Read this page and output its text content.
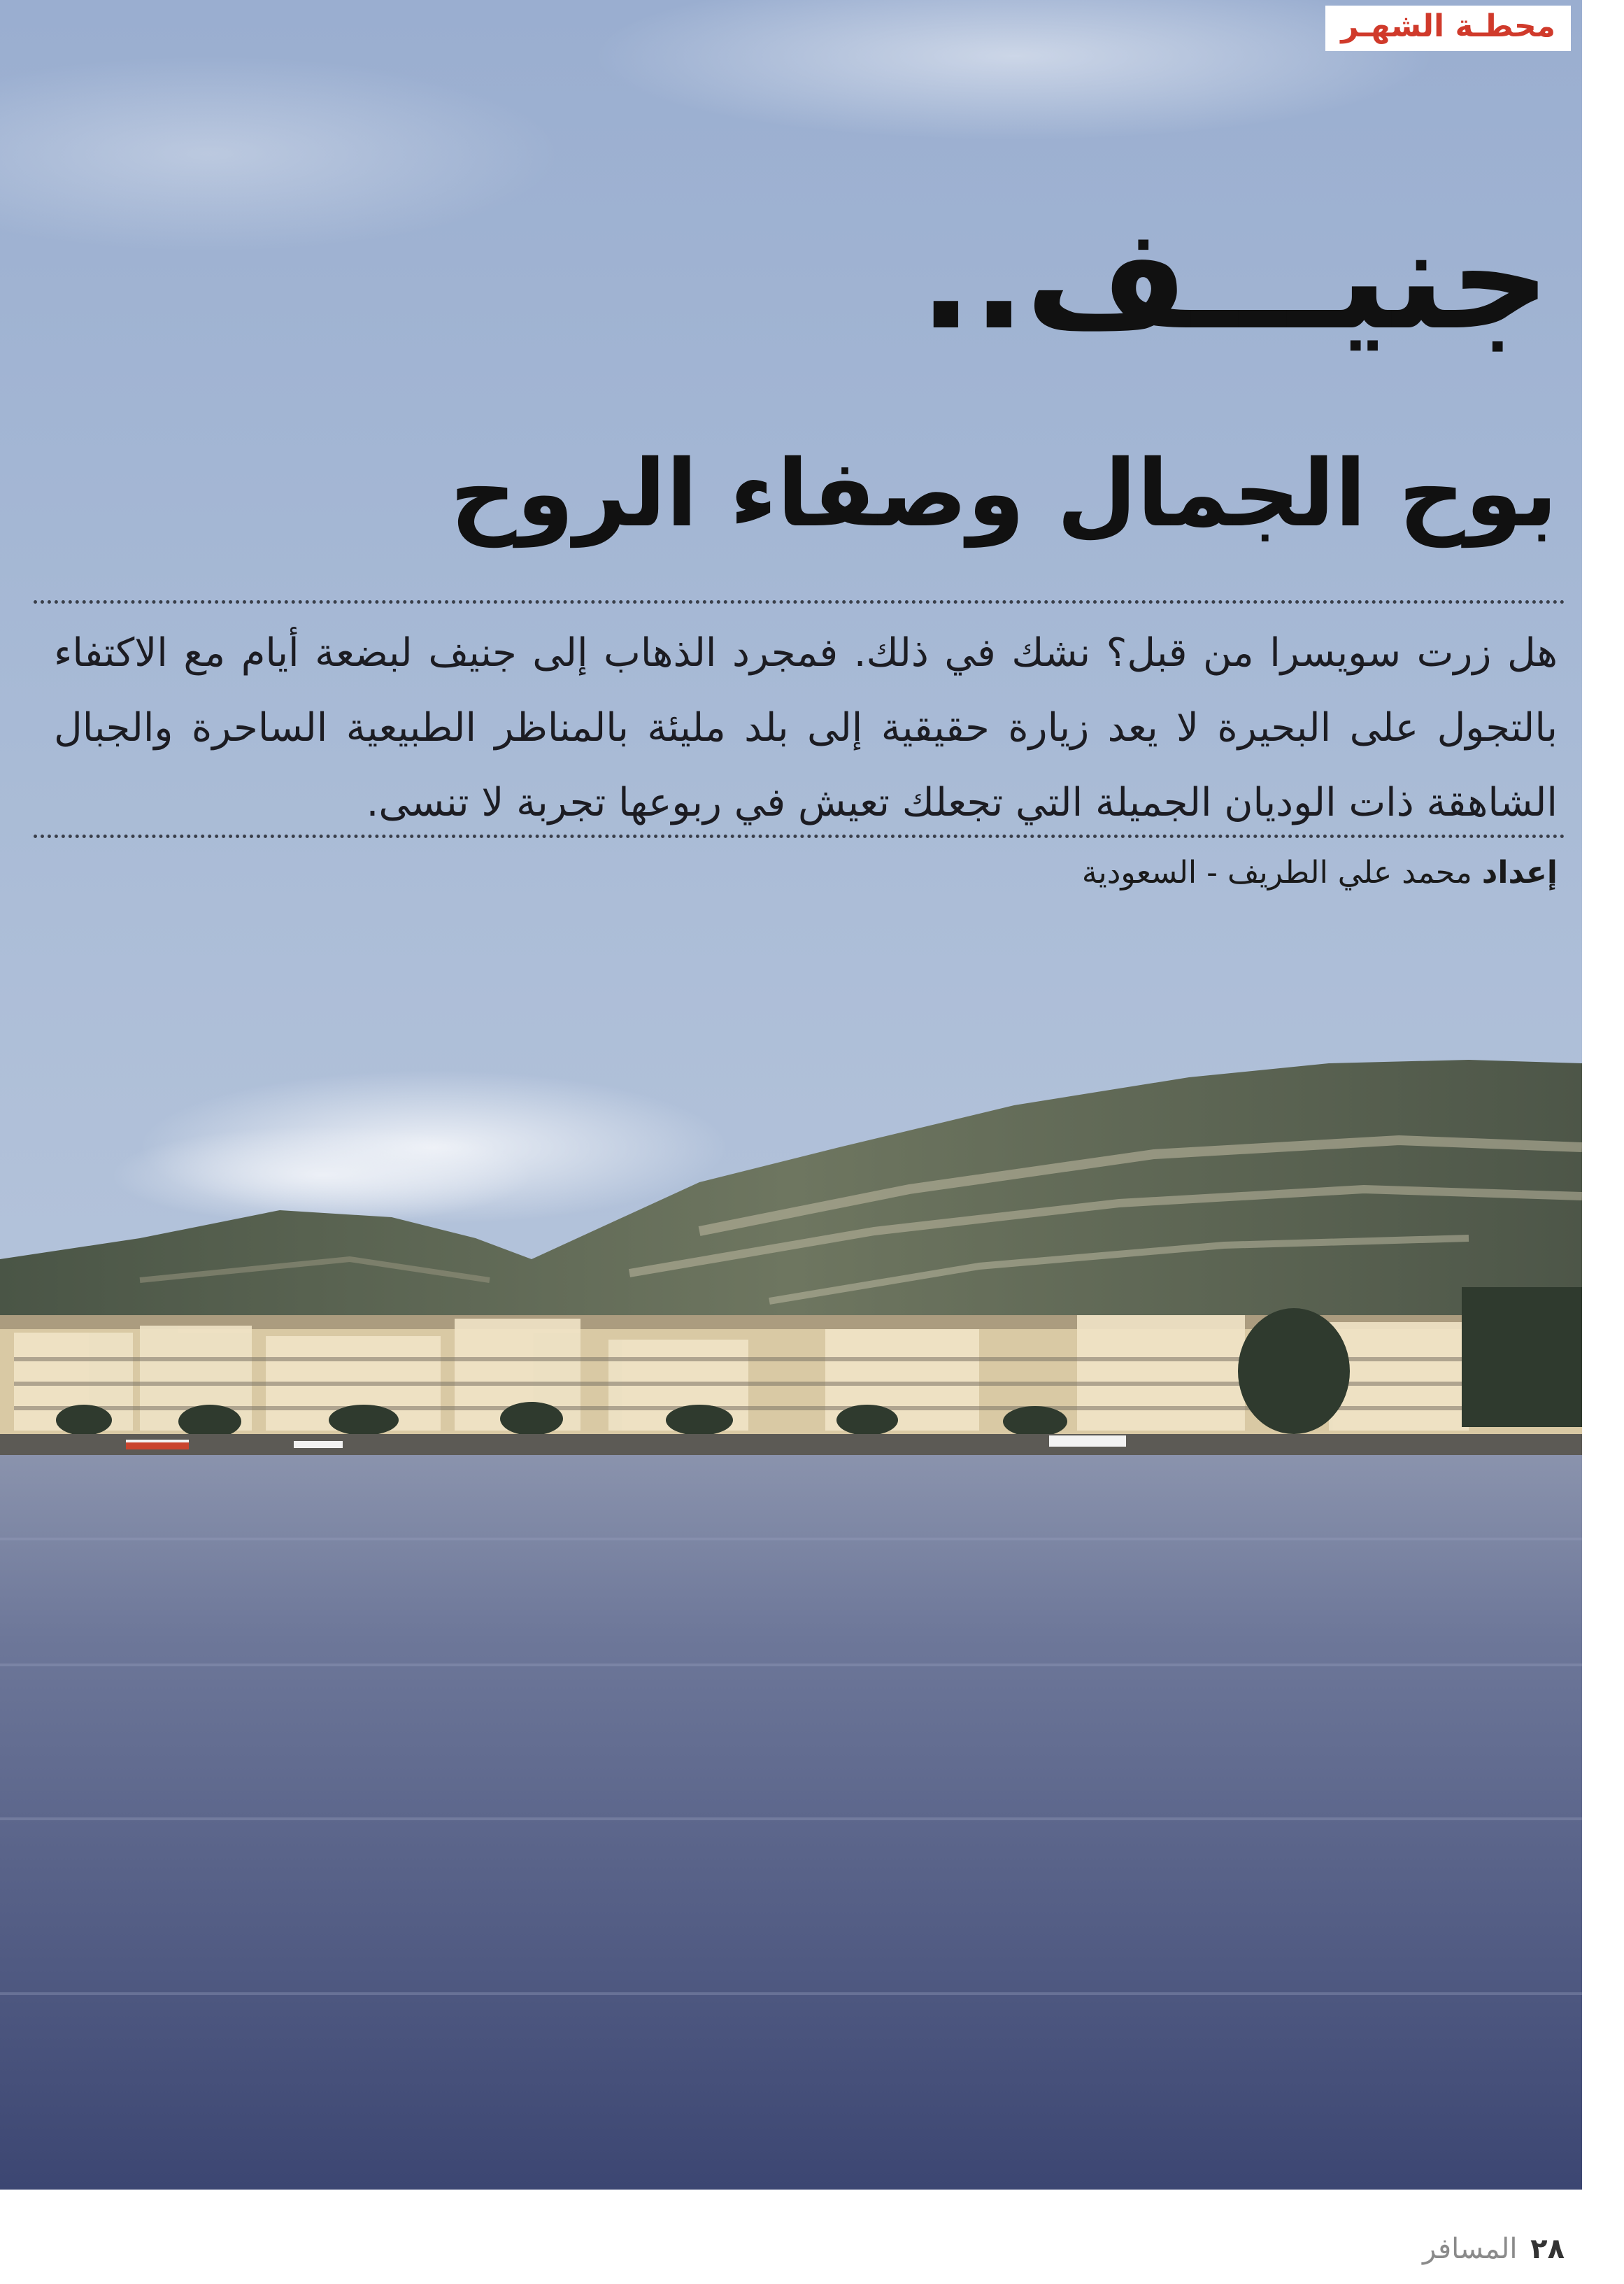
محطـة الشهـر
جنيـــف..
بوح الجمال وصفاء الروح

هل زرت سويسرا من قبل؟ نشك في ذلك. فمجرد الذهاب إلى جنيف لبضعة أيام مع الاكتفاء بالتجول على البحيرة لا يعد زيارة حقيقية إلى بلد مليئة بالمناظر الطبيعية الساحرة والجبال الشاهقة ذات الوديان الجميلة التي تجعلك تعيش في ربوعها تجربة لا تنسى.

إعداد محمد علي الطريف - السعودية
٢٨ المسافر
